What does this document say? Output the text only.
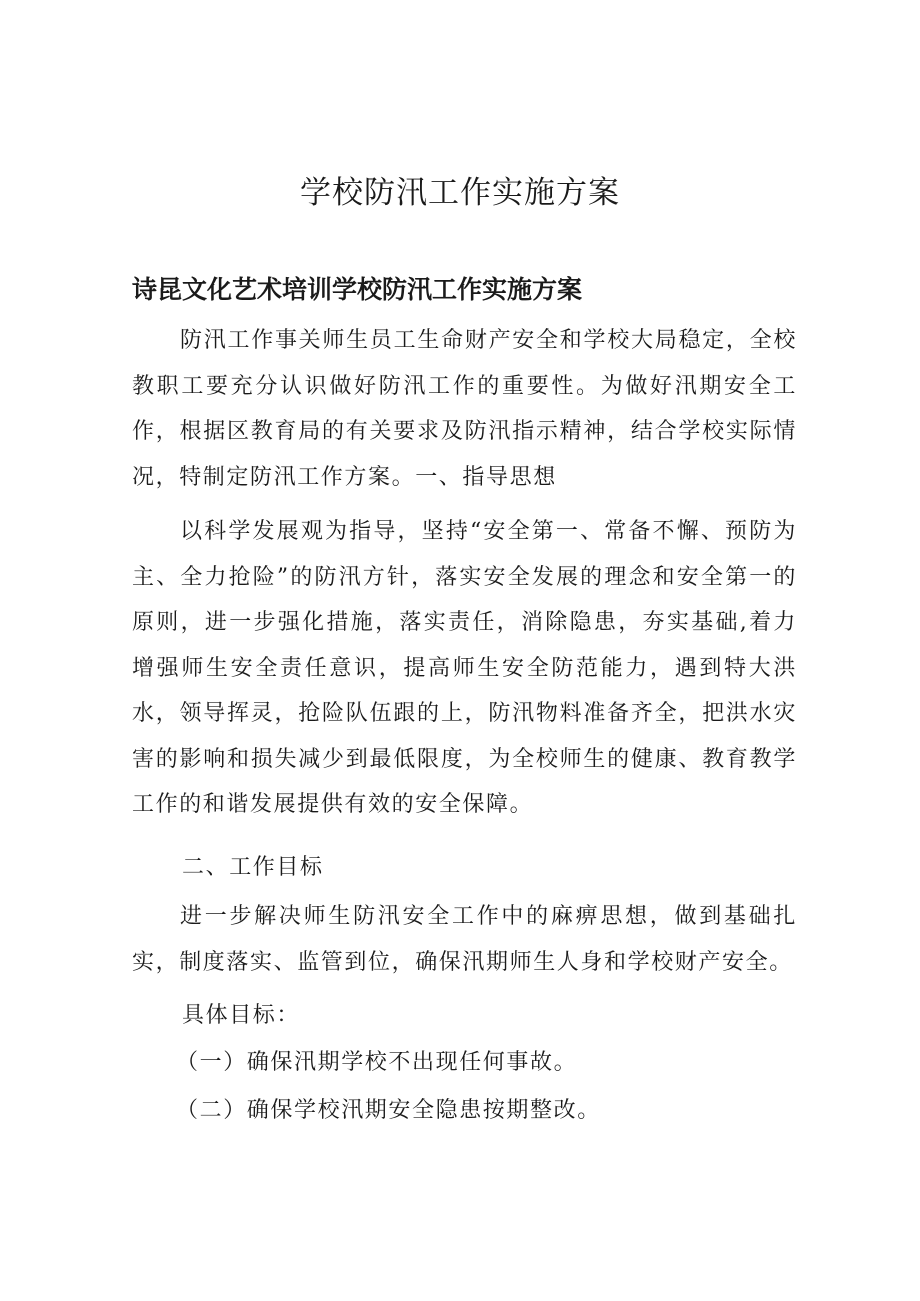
学校防汛工作实施方案
诗昆文化艺术培训学校防汛工作实施方案

防汛工作事关师生员工生命财产安全和学校大局稳定，全校教职工要充分认识做好防汛工作的重要性。为做好汛期安全工作，根据区教育局的有关要求及防汛指示精神，结合学校实际情况，特制定防汛工作方案。一、指导思想

以科学发展观为指导，坚持“安全第一、常备不懈、预防为主、全力抢险”的防汛方针，落实安全发展的理念和安全第一的原则，进一步强化措施，落实责任，消除隐患，夯实基础,着力增强师生安全责任意识，提高师生安全防范能力，遇到特大洪水，领导挥灵，抢险队伍跟的上，防汛物料准备齐全，把洪水灾害的影响和损失减少到最低限度，为全校师生的健康、教育教学工作的和谐发展提供有效的安全保障。

二、工作目标

进一步解决师生防汛安全工作中的麻痹思想，做到基础扎实，制度落实、监管到位，确保汛期师生人身和学校财产安全。

具体目标：

（一）确保汛期学校不出现任何事故。

（二）确保学校汛期安全隐患按期整改。
